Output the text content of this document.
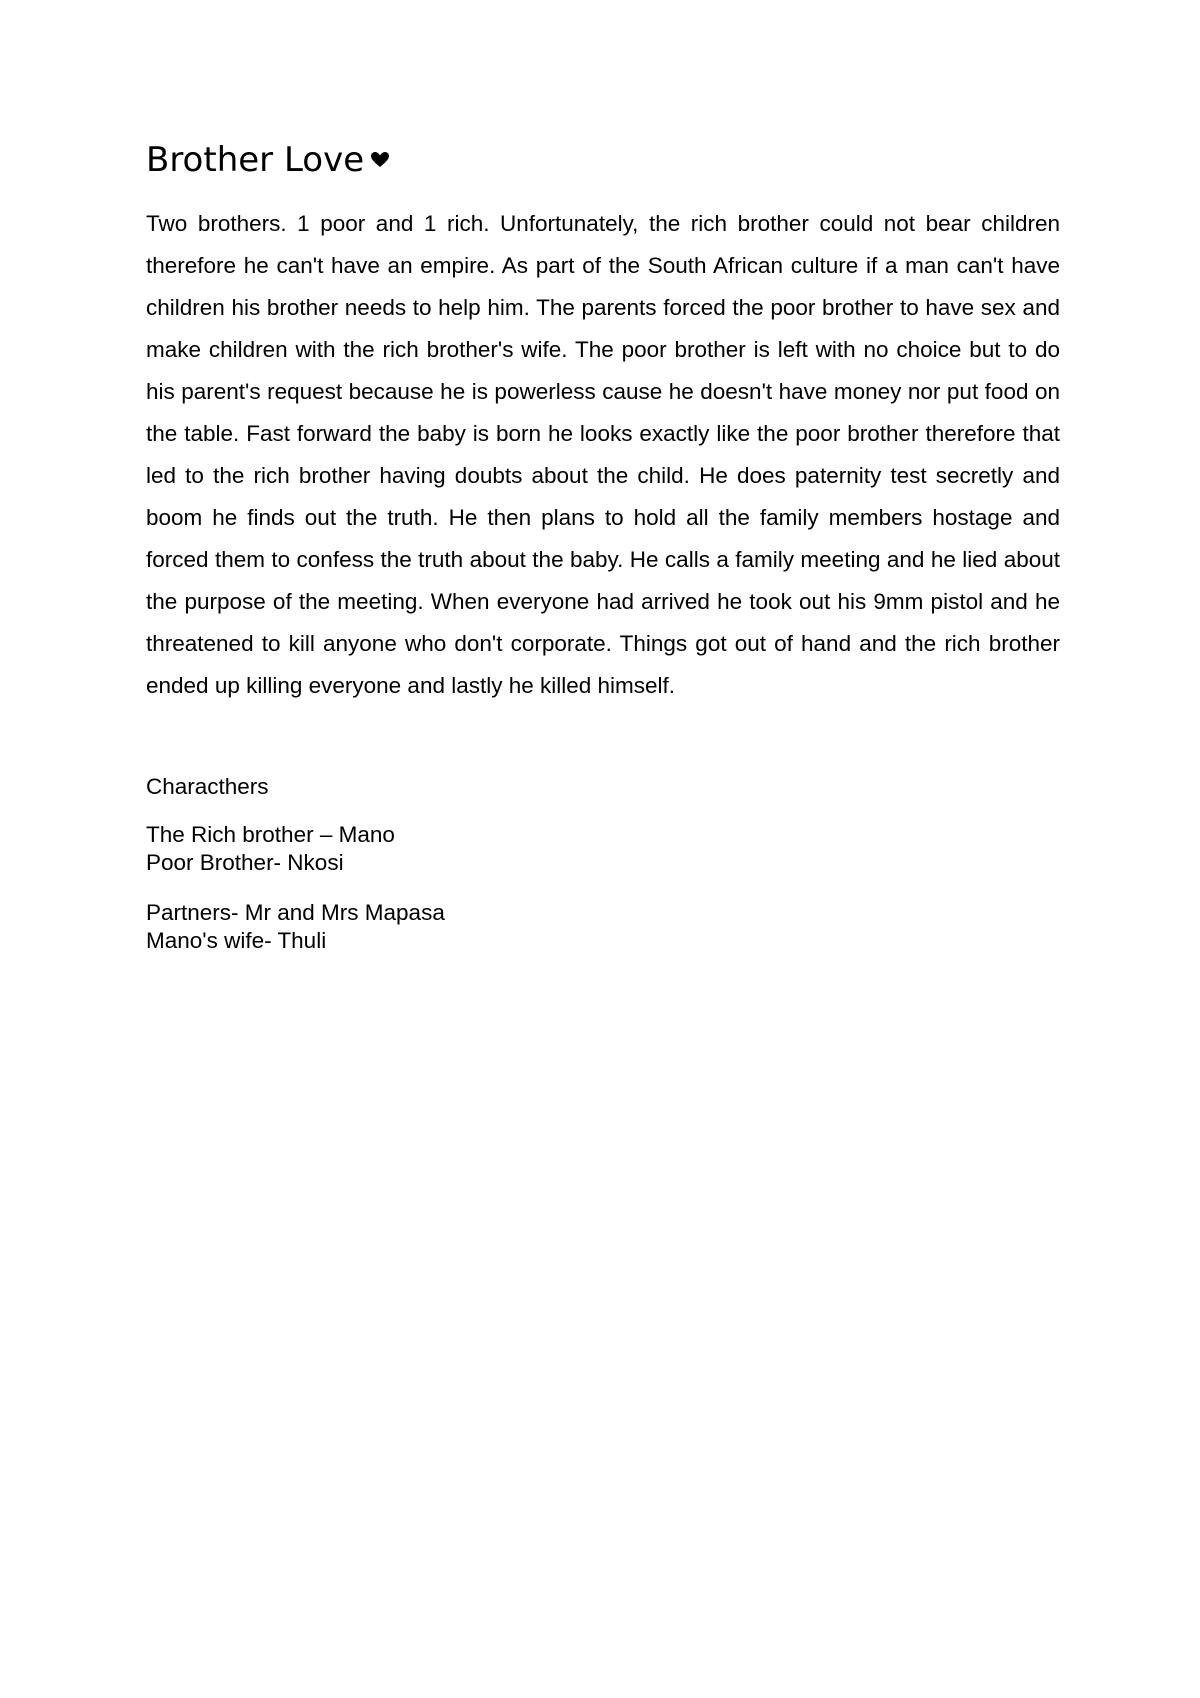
Brother Love

Two brothers. 1 poor and 1 rich. Unfortunately, the rich brother could not bear children therefore he can't have an empire. As part of the South African culture if a man can't have children his brother needs to help him. The parents forced the poor brother to have sex and make children with the rich brother's wife. The poor brother is left with no choice but to do his parent's request because he is powerless cause he doesn't have money nor put food on the table. Fast forward the baby is born he looks exactly like the poor brother therefore that led to the rich brother having doubts about the child. He does paternity test secretly and boom he finds out the truth. He then plans to hold all the family members hostage and forced them to confess the truth about the baby. He calls a family meeting and he lied about the purpose of the meeting. When everyone had arrived he took out his 9mm pistol and he threatened to kill anyone who don't corporate. Things got out of hand and the rich brother ended up killing everyone and lastly he killed himself.

Characthers
The Rich brother – Mano
Poor Brother- Nkosi
Partners- Mr and Mrs Mapasa
Mano's wife- Thuli
